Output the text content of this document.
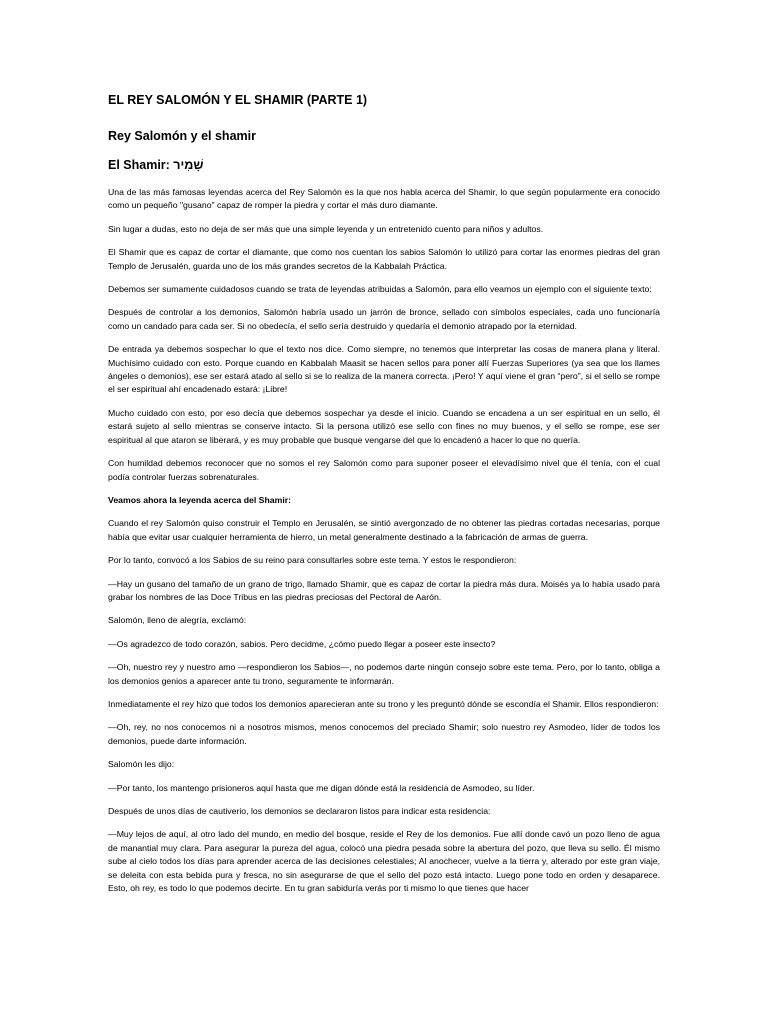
EL REY SALOMÓN Y EL SHAMIR (PARTE 1)
Rey Salomón y el shamir
El Shamir: שָׁמִיר
Una de las más famosas leyendas acerca del Rey Salomón es la que nos habla acerca del Shamir, lo que según popularmente era conocido como un pequeño "gusano" capaz de romper la piedra y cortar el más duro diamante.
Sin lugar a dudas, esto no deja de ser más que una simple leyenda y un entretenido cuento para niños y adultos.
El Shamir que es capaz de cortar el diamante, que como nos cuentan los sabios Salomón lo utilizó para cortar las enormes piedras del gran Templo de Jerusalén, guarda uno de los más grandes secretos de la Kabbalah Práctica.
Debemos ser sumamente cuidadosos cuando se trata de leyendas atribuidas a Salomón, para ello veamos un ejemplo con el siguiente texto:
Después de controlar a los demonios, Salomón habría usado un jarrón de bronce, sellado con símbolos especiales, cada uno funcionaría como un candado para cada ser. Si no obedecía, el sello sería destruido y quedaría el demonio atrapado por la eternidad.
De entrada ya debemos sospechar lo que el texto nos dice. Como siempre, no tenemos que interpretar las cosas de manera plana y literal. Muchísimo cuidado con esto. Porque cuando en Kabbalah Maasit se hacen sellos para poner allí Fuerzas Superiores (ya sea que los llames ángeles o demonios), ese ser estará atado al sello si se lo realiza de la manera correcta. ¡Pero! Y aquí viene el gran “pero”, si el sello se rompe el ser espiritual ahí encadenado estará: ¡Libre!
Mucho cuidado con esto, por eso decía que debemos sospechar ya desde el inicio. Cuando se encadena a un ser espiritual en un sello, él estará sujeto al sello mientras se conserve intacto. Si la persona utilizó ese sello con fines no muy buenos, y el sello se rompe, ese ser espiritual al que ataron se liberará, y es muy probable que busque vengarse del que lo encadenó a hacer lo que no quería.
Con humildad debemos reconocer que no somos el rey Salomón como para suponer poseer el elevadísimo nivel que él tenía, con el cual podía controlar fuerzas sobrenaturales.
Veamos ahora la leyenda acerca del Shamir:
Cuando el rey Salomón quiso construir el Templo en Jerusalén, se sintió avergonzado de no obtener las piedras cortadas necesarias, porque había que evitar usar cualquier herramienta de hierro, un metal generalmente destinado a la fabricación de armas de guerra.
Por lo tanto, convocó a los Sabios de su reino para consultarles sobre este tema. Y estos le respondieron:
—Hay un gusano del tamaño de un grano de trigo, llamado Shamir, que es capaz de cortar la piedra más dura. Moisés ya lo había usado para grabar los nombres de las Doce Tribus en las piedras preciosas del Pectoral de Aarón.
Salomón, lleno de alegría, exclamó:
—Os agradezco de todo corazón, sabios. Pero decidme, ¿cómo puedo llegar a poseer este insecto?
—Oh, nuestro rey y nuestro amo —respondieron los Sabios—, no podemos darte ningún consejo sobre este tema. Pero, por lo tanto, obliga a los demonios genios a aparecer ante tu trono, seguramente te informarán.
Inmediatamente el rey hizo que todos los demonios aparecieran ante su trono y les preguntó dónde se escondía el Shamir. Ellos respondieron:
—Oh, rey, no nos conocemos ni a nosotros mismos, menos conocemos del preciado Shamir; solo nuestro rey Asmodeo, líder de todos los demonios, puede darte información.
Salomón les dijo:
—Por tanto, los mantengo prisioneros aquí hasta que me digan dónde está la residencia de Asmodeo, su líder.
Después de unos días de cautiverio, los demonios se declararon listos para indicar esta residencia:
—Muy lejos de aquí, al otro lado del mundo, en medio del bosque, reside el Rey de los demonios. Fue allí donde cavó un pozo lleno de agua de manantial muy clara. Para asegurar la pureza del agua, colocó una piedra pesada sobre la abertura del pozo, que lleva su sello. Él mismo sube al cielo todos los días para aprender acerca de las decisiones celestiales; Al anochecer, vuelve a la tierra y, alterado por este gran viaje, se deleita con esta bebida pura y fresca, no sin asegurarse de que el sello del pozo está intacto. Luego pone todo en orden y desaparece. Esto, oh rey, es todo lo que podemos decirte. En tu gran sabiduría verás por ti mismo lo que tienes que hacer
